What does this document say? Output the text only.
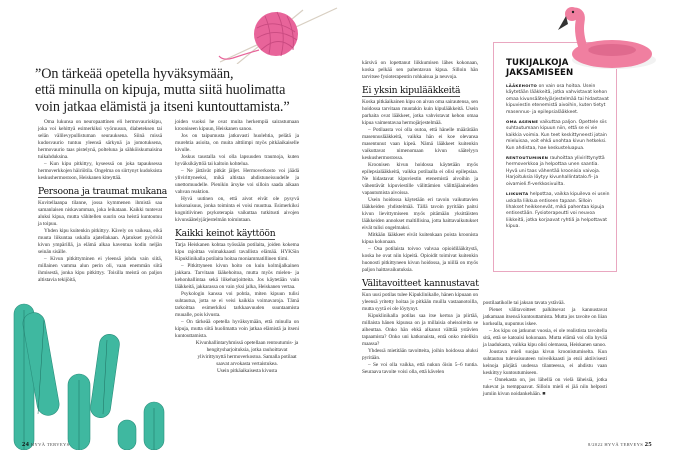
”On tärkeää opetella hyväksymään,
että minulla on kipuja, mutta siitä huolimatta
voin jatkaa elämistä ja itseni kuntouttamista.”

Oma lukunsa on neuropaattinen eli hermovauriokipu, joka voi kehittyä esimerkiksi vyöruusun, diabeteksen tai selän välilevypullistuman seurauksena. Siinä missä kudosvaurio tuntuu yleensä särkynä ja jomotuksena, hermovaurio taas pistelynä, polteluna ja sähköiskumaisina tuikahduksina.

– Kun kipu pitkittyy, kyseessä on joka tapauksessa hermoverkkojen häiriötila. Ongelma on siirtynyt kudoksista keskushermostoon, Heiskanen kiteyttää.

Persoona ja traumat mukana

Kuvitellaanpa tilanne, jossa kymmenen ihmistä saa samanlaisen niskavamman, joka leikataan. Kaikki tuntevat aluksi kipua, mutta vähitellen suurin osa heistä kuntoutuu ja toipuu.

Yhden kipu kuitenkin pitkittyy. Kävely on vaikeaa, eikä muuta liikuntaa uskalla ajatellakaan. Ajatukset pyörivät kivun ympärillä, ja elämä alkaa kaventua kodin neljän seinän sisälle.

– Kivun pitkittyminen ei yleensä johdu vain siitä, millainen vamma alun perin oli, vaan enemmän siitä ihmisestä, jonka kipu pitkittyy. Toisilla meistä on paljon altistavia tekijöitä,

joiden vuoksi he ovat muita herkempiä sairastumaan krooniseen kipuun, Heiskanen sanoo.

Jos on taipumusta jatkuvasti huolehtia, pelätä ja murehtia asioita, on muita alttiimpi myös pitkäaikaiselle kivulle.

Joskus taustalla voi olla lapsuuden traumoja, kuten hyväksikäyttöä tai kaltoin kohtelua.

– Ne jättävät pitkät jäljet. Hermoverkosto voi jäädä ylivirittyneeksi, mikä altistaa ahdistuneisuudelle ja unettomuudelle. Pienikin ärsyke voi silloin saada aikaan vahvan reaktion.

Hyvä uutinen on, että aivot eivät ole pysyvä kokonaisuus, jonka toiminta ei voisi muuttua. Esimerkiksi kognitiivinen psykoterapia vaikuttaa tutkitusti aivojen kivunsäätelyjärjestelmän toimintaan.

Kaikki keinot käyttöön

Tarja Heiskanen kohtaa työssään potilaita, joiden kokema kipu rajoittaa voimakkaasti tavallista elämää. HYKSin Kipuklinikalla potilaita hoitaa moniammatillinen tiimi.

– Pitkittyneen kivun hoito on kuin kolmijalkainen jakkara. Tarvitaan lääkehoitoa, mutta myös mielen- ja kehonhallintaa sekä liikeharjoitteita. Jos käytetään vain lääkkeitä, jakkarassa on vain yksi jalka, Heiskanen vertaa.

Psykologin kanssa voi pohtia, miten kipuun tulisi suhtautua, jotta se ei veisi kaikkia voimavaroja. Tämä tarkoittaa esimerkiksi tarkkaavuuden suuntaamista muualle, pois kivusta.

– On tärkeää opetella hyväksymään, että minulla on kipuja, mutta siitä huolimatta voin jatkaa elämistä ja itseni kuntouttamista.

Kivunhallintaryhmissä opetellaan rentoutumis- ja hengitysharjoituksia, jotka rauhoittavat ylivirittynyttä hermoverkostoa. Samalla potilaat saavat arvokasta vertaistukea.

Usein pitkäaikaisesta kivusta

24 HYVÄ TERVEYS

kärsivä on lopettanut liikkumisen lähes kokonaan, koska pelkää sen pahentavan kipua. Silloin hän tarvitsee fysioterapeutin rohkaisua ja neuvoja.

Ei yksin kipulääkkeitä

Koska pitkäaikainen kipu on aivan oma sairautensa, sen hoidossa tarvitaan muutakin kuin kipulääkkeitä. Usein parhaita ovat lääkkeet, jotka vahvistavat kehon omaa kipua vaimentavaa hermojärjestelmää.

– Potilaasta voi olla outoa, että hänelle määrätään masennuslääkkeitä, vaikka hän ei koe olevansa masentunut vaan kipeä. Nämä lääkkeet kuitenkin vaikuttavat nimenomaan kivun säätelyyn keskushermostossa.

Kroonisen kivun hoidossa käytetään myös epilepsialääkkeitä, vaikka potilaalla ei olisi epilepsiaa. Ne hidastavat kipuviestin etenemistä aivoihin ja vähentävät kipuviestille välittämien välittäjäaineiden vapautumista aivoissa.

Usein hoidossa käytetään eri tavoin vaikuttavien lääkkeiden yhdistelmää. Tällä tavoin pyritään paitsi kivun lievittymiseen myös pitämään yksittäisten lääkkeiden annokset maltillisina, jotta haittavaikutukset eivät tulisi ongelmaksi.

Mitkään lääkkeet eivät kuitenkaan poista kroonista kipua kokonaan.

– Osa potilaista toivoo vahvaa opioidilääkitystä, koska he ovat niin kipeitä. Opioidit toimivat kuitenkin huonosti pitkittyneen kivun hoidossa, ja niillä on myös paljon haittavaikutuksia.

Välitavoitteet kannustavat

Kun uusi potilas tulee Kipuklinikalle, hänen kipuaan on yleensä yritetty hoitaa jo pitkään muilla vastaanotoilla, mutta syytä ei ole löytynyt.

Kipuklinikalla potilas saa itse kertoa ja piirtää, millaista hänen kipunsa on ja millaisia oheisoireita se aiheuttaa. Onko hän ehkä alkanut välttää ystävien tapaamista? Onko uni katkonaista, entä onko mielikin maassa?

Yhdessä mietitään tavoitteita, joihin hoidossa aluksi pyritään.

– Se voi olla vaikka, että nukun öisin 5–6 tuntia. Seuraava tavoite voisi olla, että kävelen

TUKIJALKOJA
JAKSAMISEEN

LÄÄKEHOITO on vain osa hoitoa. Usein käytetään lääkkeitä, jotka vahvistavat kehon omaa kivunsäätelyjärjestelmää tai hidastavat kipuviestin etenemistä aivoihin, kuten tietyt masennus- ja epilepsialääkkeet.

OMA ASENNE vaikuttaa paljon. Opettele siis suhtautumaan kipuun niin, että se ei vie kaikkia voimia. Kun teet keskittyneesti jotain mieluisaa, voit ehkä unohtaa kivun hetkeksi. Kun ahdistaa, hae keskusteluapua.

RENTOUTUMINEN rauhoittaa ylivirittynyttä hermoverkkoa ja helpottaa unen saantia. Hyvä uni taas vähentää kroonisia vaivoja. Harjoituksia löytyy kivunhallintatalo.fi- ja oivamieli.fi-verkkosivuilta.

LIIKUNTA helpottaa, vaikka kipuileva ei usein uskalla liikkua entiseen tapaan. Silloin lihakset heikkenevät, mikä pahentaa kipuja entisestään. Fysioterapeutti voi neuvoa liikkeitä, jotka korjaavat ryhtiä ja helpottavat kipua.

postilaatikolle tai jaksan tavata ystävää.

Pienet välitavoitteet palkitsevat ja kannustavat jatkamaan itsensä kuntouttamista. Mutta jos tavoite on liian korkealla, uupumus iskee.

– Jos kipu on jatkunut vuosia, ei ole realistista tavoitella sitä, että se katoaisi kokonaan. Mutta elämä voi olla hyvää ja laadukasta, vaikka kipu olisi olemassa, Heiskanen sanoo.

Joustava mieli suojaa kivun kroonistumiselta. Kun suhtautuu tulevaisuuteen toiveikkaasti ja etsii aktiivisesti keinoja pärjätä uudessa tilanteessa, ei ahdistu vaan keskittyy kuntoutumiseen.

– Onnekasta on, jos lähellä on vielä läheisiä, jotka tukevat ja tsemppaavat. Silloin mieli ei jää niin helposti jumiin kivun noidankehään. ■

8/2022 HYVÄ TERVEYS 25
